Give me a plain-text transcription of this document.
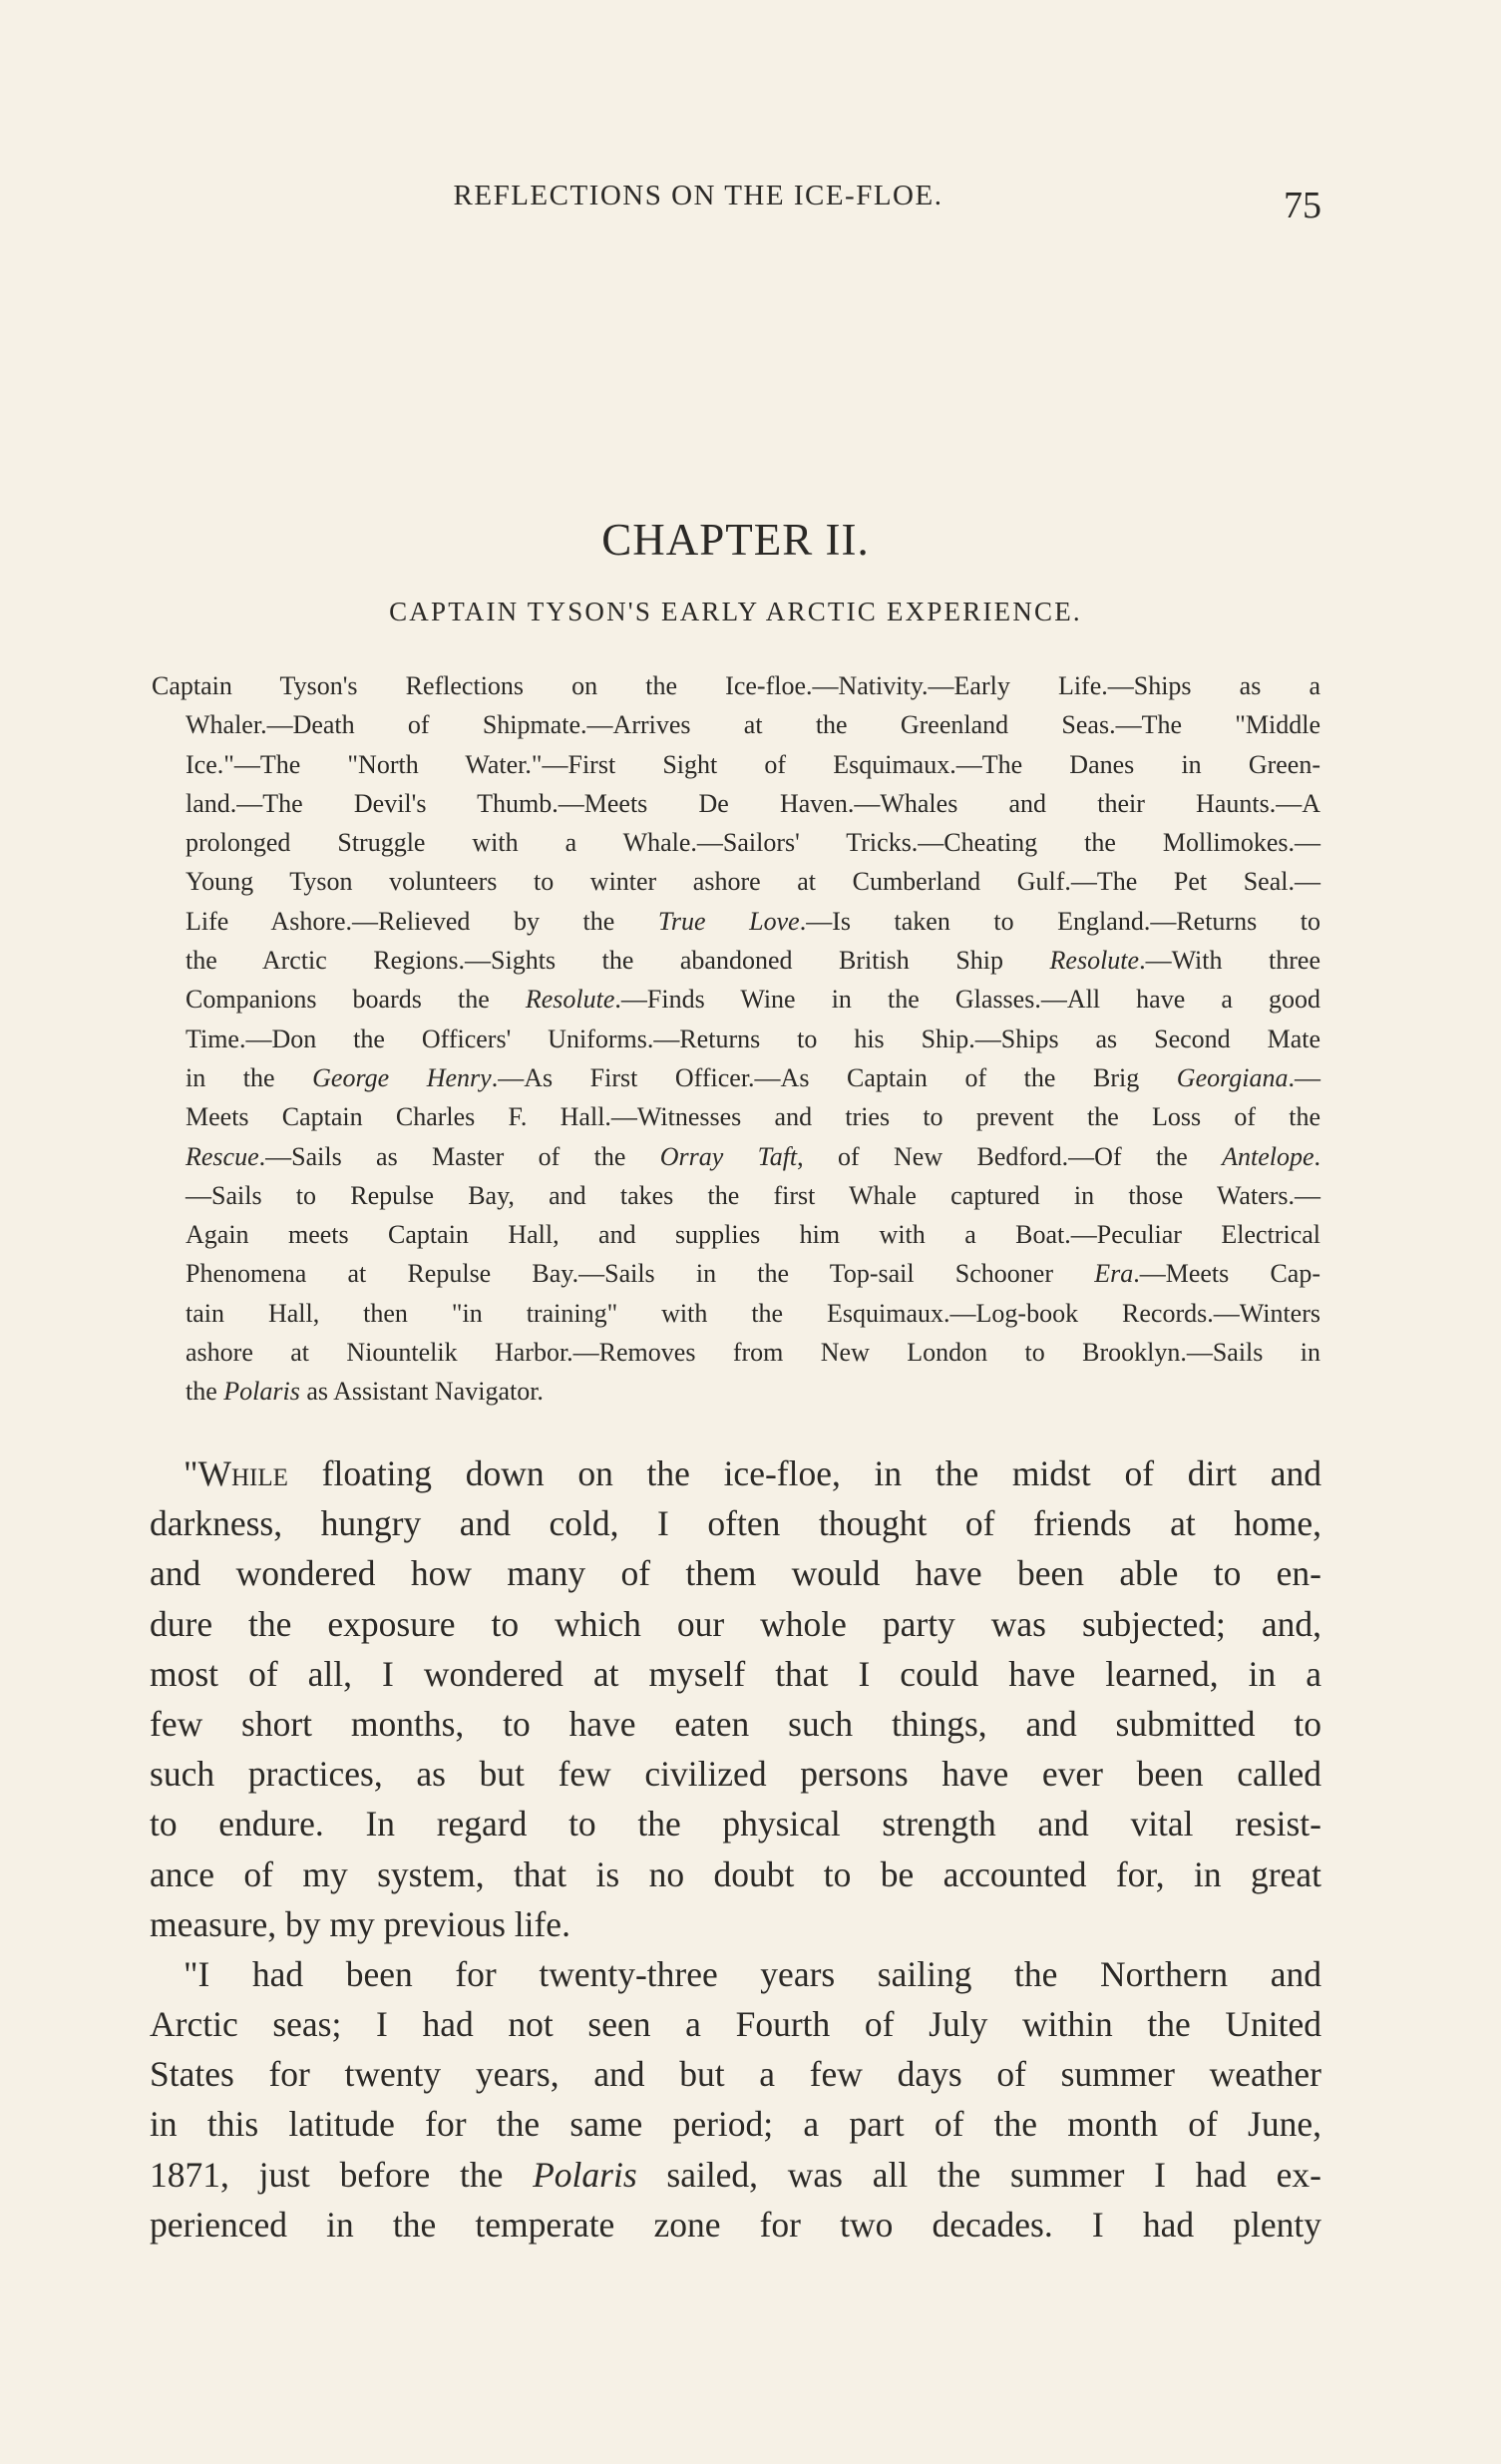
REFLECTIONS ON THE ICE-FLOE.	75
CHAPTER II.
CAPTAIN TYSON'S EARLY ARCTIC EXPERIENCE.
Captain Tyson's Reflections on the Ice-floe.—Nativity.—Early Life.—Ships as a
Whaler.—Death of Shipmate.—Arrives at the Greenland Seas.—The "Middle
Ice."—The "North Water."—First Sight of Esquimaux.—The Danes in Green-
land.—The Devil's Thumb.—Meets De Haven.—Whales and their Haunts.—A
prolonged Struggle with a Whale.—Sailors' Tricks.—Cheating the Mollimokes.—
Young Tyson volunteers to winter ashore at Cumberland Gulf.—The Pet Seal.—
Life Ashore.—Relieved by the True Love.—Is taken to England.—Returns to
the Arctic Regions.—Sights the abandoned British Ship Resolute.—With three
Companions boards the Resolute.—Finds Wine in the Glasses.—All have a good
Time.—Don the Officers' Uniforms.—Returns to his Ship.—Ships as Second Mate
in the George Henry.—As First Officer.—As Captain of the Brig Georgiana.—
Meets Captain Charles F. Hall.—Witnesses and tries to prevent the Loss of the
Rescue.—Sails as Master of the Orray Taft, of New Bedford.—Of the Antelope.
—Sails to Repulse Bay, and takes the first Whale captured in those Waters.—
Again meets Captain Hall, and supplies him with a Boat.—Peculiar Electrical
Phenomena at Repulse Bay.—Sails in the Top-sail Schooner Era.—Meets Cap-
tain Hall, then "in training" with the Esquimaux.—Log-book Records.—Winters
ashore at Niountelik Harbor.—Removes from New London to Brooklyn.—Sails in
the Polaris as Assistant Navigator.
"While floating down on the ice-floe, in the midst of dirt and
darkness, hungry and cold, I often thought of friends at home,
and wondered how many of them would have been able to en-
dure the exposure to which our whole party was subjected; and,
most of all, I wondered at myself that I could have learned, in a
few short months, to have eaten such things, and submitted to
such practices, as but few civilized persons have ever been called
to endure. In regard to the physical strength and vital resist-
ance of my system, that is no doubt to be accounted for, in great
measure, by my previous life.
"I had been for twenty-three years sailing the Northern and
Arctic seas; I had not seen a Fourth of July within the United
States for twenty years, and but a few days of summer weather
in this latitude for the same period; a part of the month of June,
1871, just before the Polaris sailed, was all the summer I had ex-
perienced in the temperate zone for two decades. I had plenty
